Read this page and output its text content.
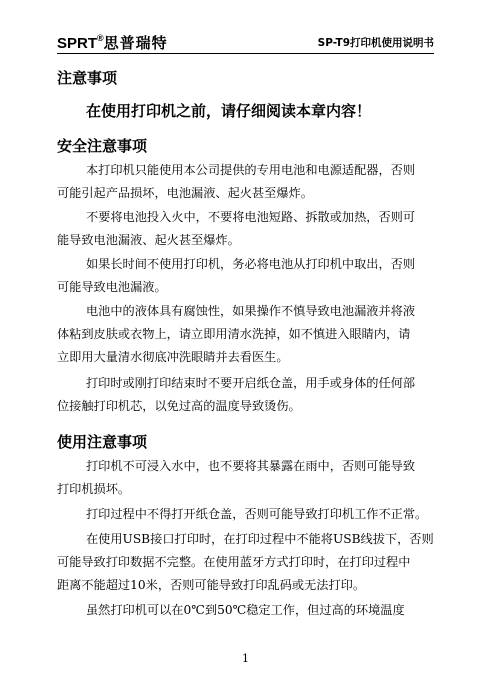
SPRT®思普瑞特	SP-T9打印机使用说明书
注意事项
在使用打印机之前，请仔细阅读本章内容！
安全注意事项
本打印机只能使用本公司提供的专用电池和电源适配器，否则
可能引起产品损坏，电池漏液、起火甚至爆炸。
不要将电池投入火中，不要将电池短路、拆散或加热，否则可
能导致电池漏液、起火甚至爆炸。
如果长时间不使用打印机，务必将电池从打印机中取出，否则
可能导致电池漏液。
电池中的液体具有腐蚀性，如果操作不慎导致电池漏液并将液
体粘到皮肤或衣物上，请立即用清水洗掉，如不慎进入眼睛内，请
立即用大量清水彻底冲洗眼睛并去看医生。
打印时或刚打印结束时不要开启纸仓盖，用手或身体的任何部
位接触打印机芯，以免过高的温度导致烫伤。
使用注意事项
打印机不可浸入水中，也不要将其暴露在雨中，否则可能导致
打印机损坏。
打印过程中不得打开纸仓盖，否则可能导致打印机工作不正常。
在使用USB接口打印时，在打印过程中不能将USB线拔下，否则
可能导致打印数据不完整。在使用蓝牙方式打印时，在打印过程中
距离不能超过10米，否则可能导致打印乱码或无法打印。
虽然打印机可以在0℃到50℃稳定工作，但过高的环境温度
1
